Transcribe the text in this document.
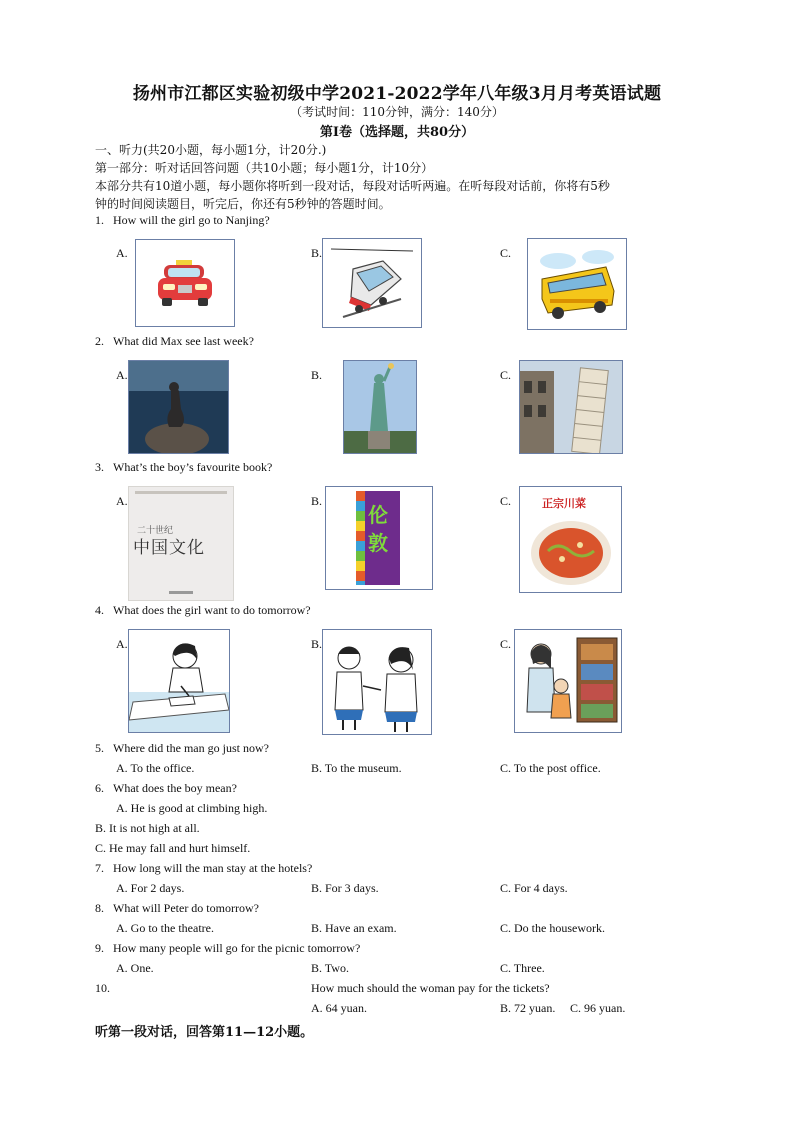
扬州市江都区实验初级中学2021-2022学年八年级3月月考英语试题
（考试时间：110分钟，满分：140分）
第I卷（选择题，共80分）
一、听力(共20小题，每小题1分，计20分.)
第一部分：听对话回答问题（共10小题；每小题1分，计10分）
本部分共有10道小题，每小题你将听到一段对话，每段对话听两遍。在听每段对话前，你将有5秒
钟的时间阅读题目，听完后，你还有5秒钟的答题时间。
1. How will the girl go to Nanjing?
A.	B.	C.
2. What did Max see last week?
A.	B.	C.
3. What’s the boy’s favourite book?
A.	B.	C.
二十世纪
中国文化
伦敦
正宗川菜
4. What does the girl want to do tomorrow?
A.	B.	C.
5. Where did the man go just now?
A. To the office.	B. To the museum.	C. To the post office.
6. What does the boy mean?
A. He is good at climbing high.
B. It is not high at all.
C. He may fall and hurt himself.
7. How long will the man stay at the hotels?
A. For 2 days.	B. For 3 days.	C. For 4 days.
8. What will Peter do tomorrow?
A. Go to the theatre.	B. Have an exam.	C. Do the housework.
9. How many people will go for the picnic tomorrow?
A. One.	B. Two.	C. Three.
10.	How much should the woman pay for the tickets?
A. 64 yuan.	B. 72 yuan. C. 96 yuan.
听第一段对话，回答第11—12小题。
